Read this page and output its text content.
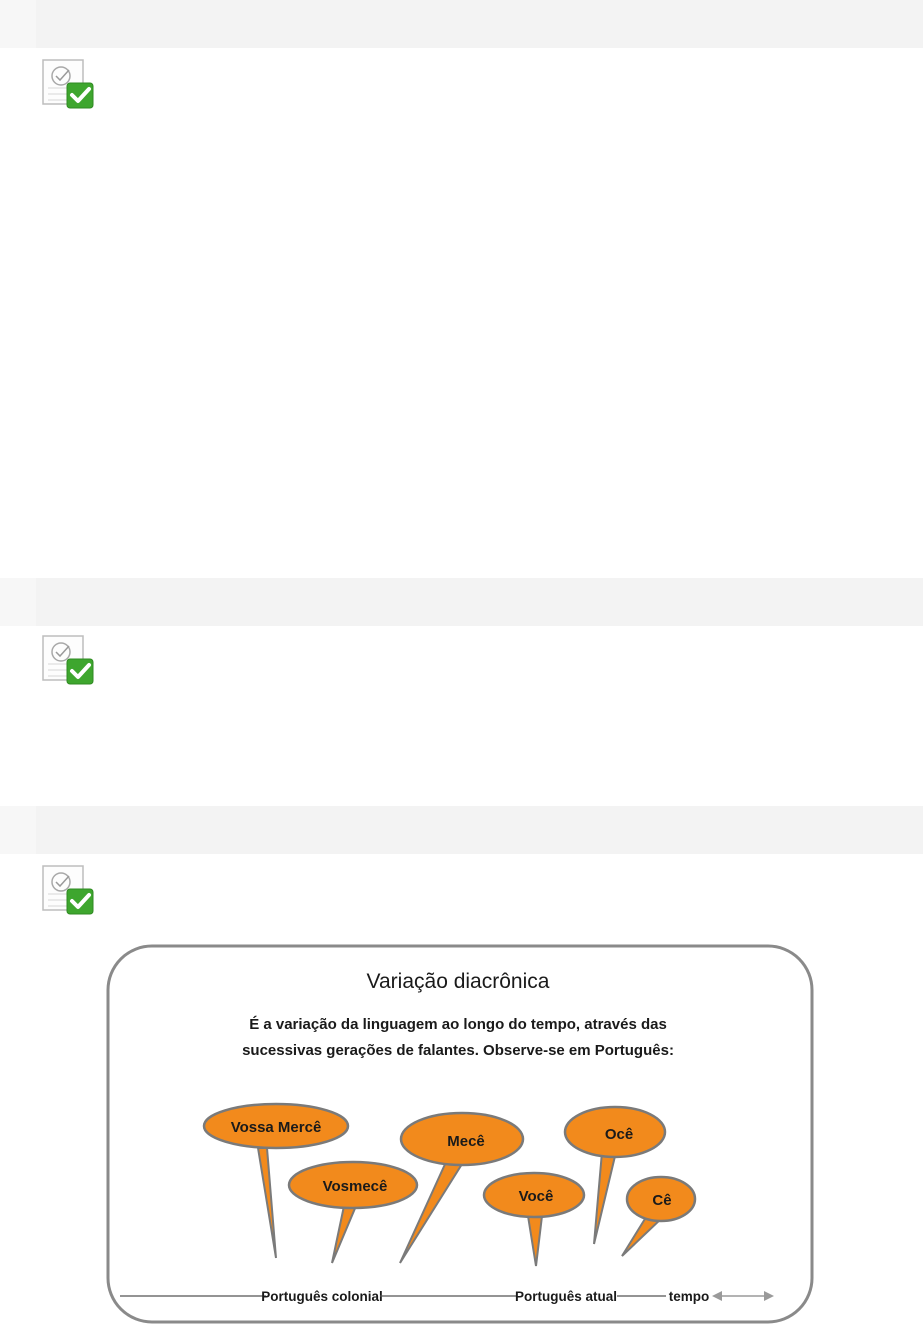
Variação diacrônica
É a variação da linguagem ao longo do tempo, através das
sucessivas gerações de falantes. Observe-se em Português:
Vossa Mercê
Vosmecê
Mecê
Você
Ocê
Cê
Português colonial	Português atual	tempo
